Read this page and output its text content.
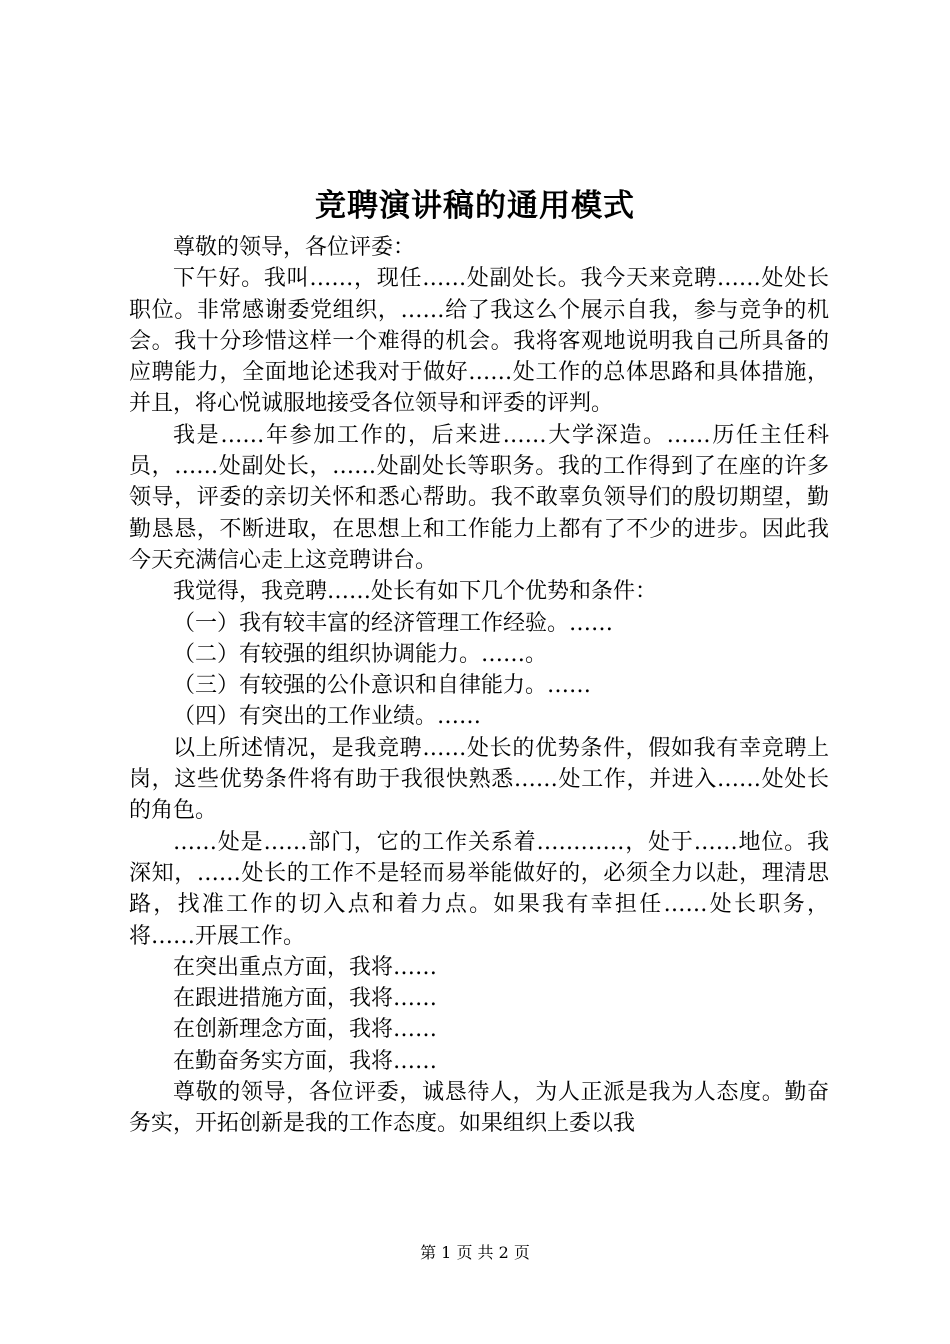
竞聘演讲稿的通用模式

尊敬的领导，各位评委：

下午好。我叫……，现任……处副处长。我今天来竞聘……处处长职位。非常感谢委党组织，……给了我这么个展示自我，参与竞争的机会。我十分珍惜这样一个难得的机会。我将客观地说明我自己所具备的应聘能力，全面地论述我对于做好……处工作的总体思路和具体措施，并且，将心悦诚服地接受各位领导和评委的评判。

我是……年参加工作的，后来进……大学深造。……历任主任科员，……处副处长，……处副处长等职务。我的工作得到了在座的许多领导，评委的亲切关怀和悉心帮助。我不敢辜负领导们的殷切期望，勤勤恳恳，不断进取，在思想上和工作能力上都有了不少的进步。因此我今天充满信心走上这竞聘讲台。

我觉得，我竞聘……处长有如下几个优势和条件：

（一）我有较丰富的经济管理工作经验。……

（二）有较强的组织协调能力。……。

（三）有较强的公仆意识和自律能力。……

（四）有突出的工作业绩。……

以上所述情况，是我竞聘……处长的优势条件，假如我有幸竞聘上岗，这些优势条件将有助于我很快熟悉……处工作，并进入……处处长的角色。

……处是……部门，它的工作关系着…………，处于……地位。我深知，……处长的工作不是轻而易举能做好的，必须全力以赴，理清思路，找准工作的切入点和着力点。如果我有幸担任……处长职务，将……开展工作。

在突出重点方面，我将……

在跟进措施方面，我将……

在创新理念方面，我将……

在勤奋务实方面，我将……

尊敬的领导，各位评委，诚恳待人，为人正派是我为人态度。勤奋务实，开拓创新是我的工作态度。如果组织上委以我

第 1 页 共 2 页
